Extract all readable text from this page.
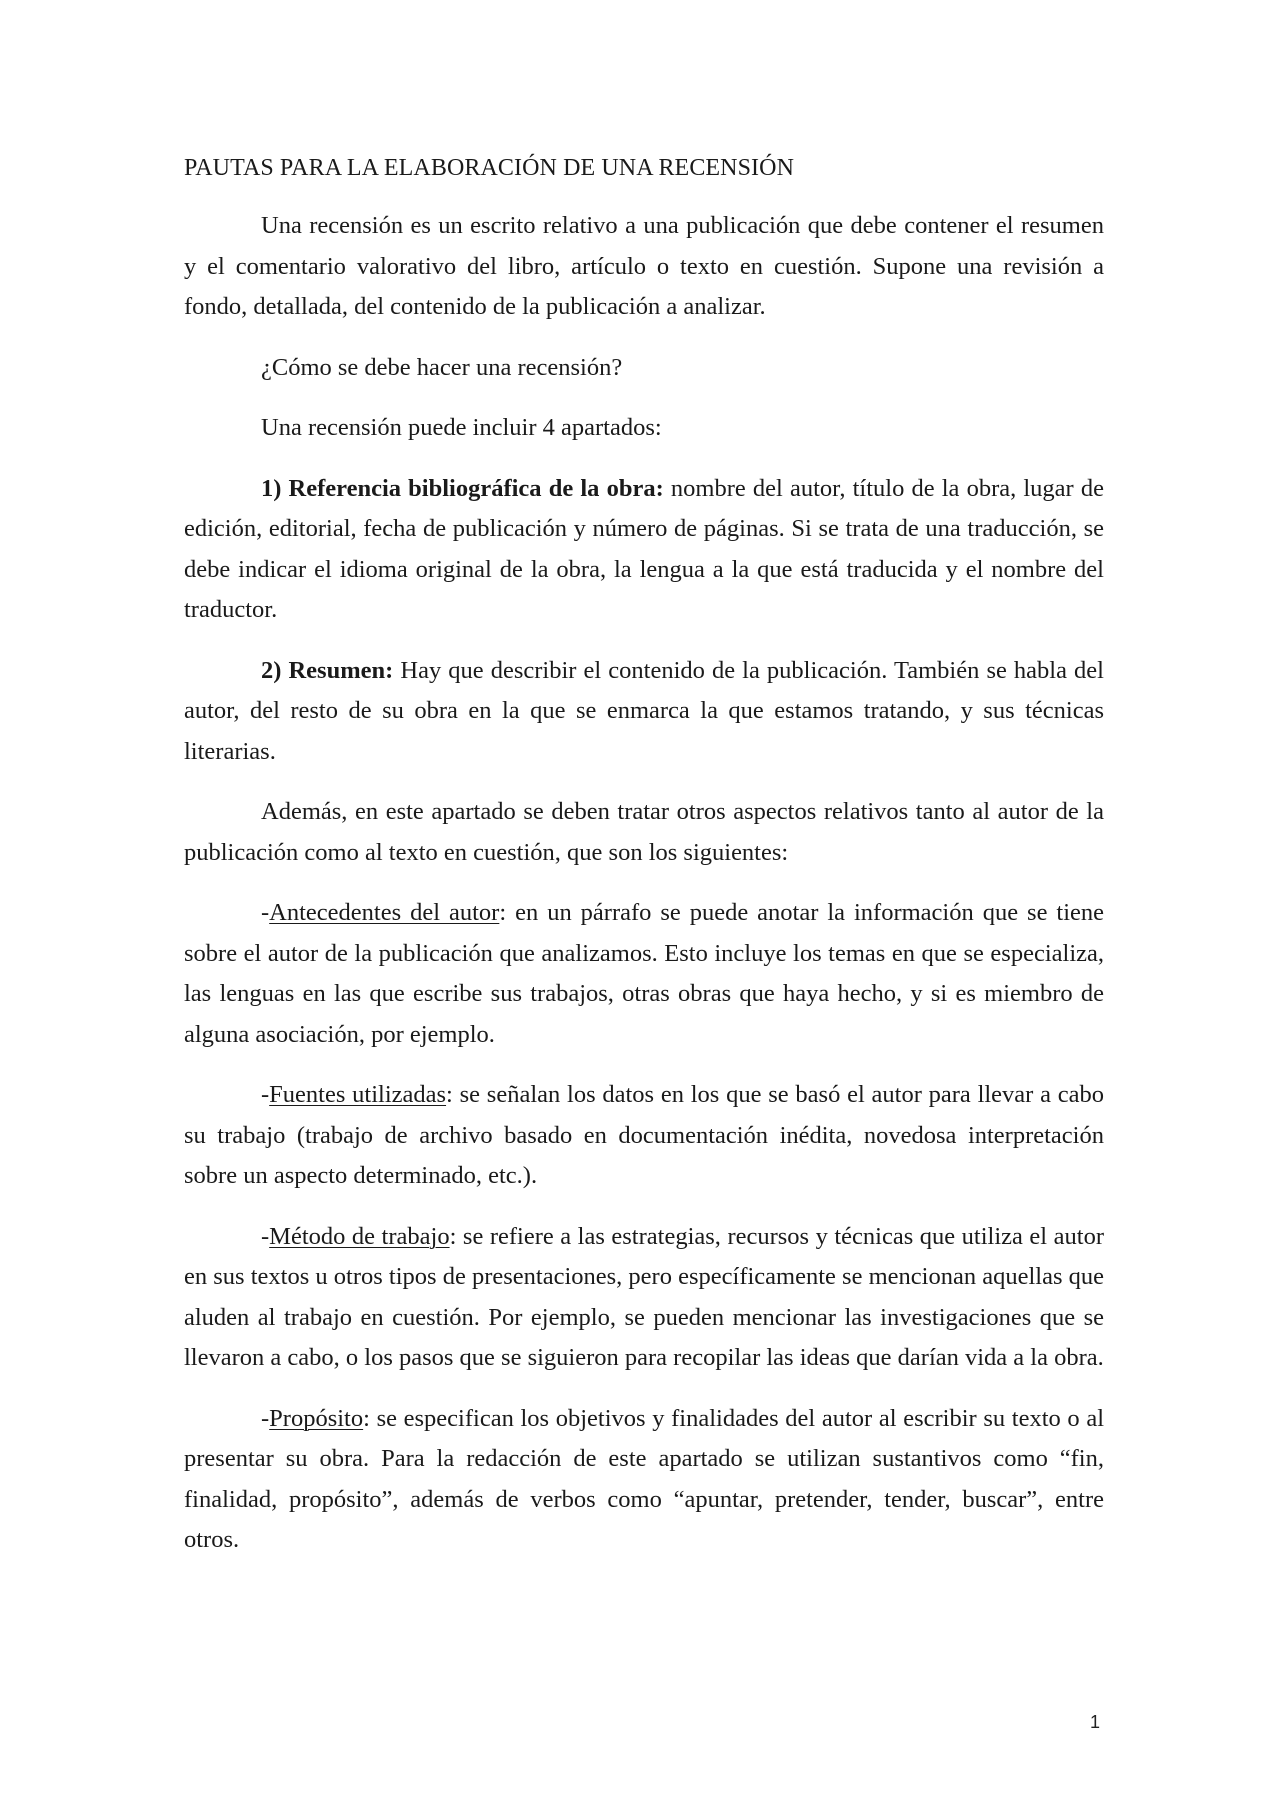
PAUTAS PARA LA ELABORACIÓN DE UNA RECENSIÓN

Una recensión es un escrito relativo a una publicación que debe contener el resumen y el comentario valorativo del libro, artículo o texto en cuestión. Supone una revisión a fondo, detallada, del contenido de la publicación a analizar.

¿Cómo se debe hacer una recensión?

Una recensión puede incluir 4 apartados:

1) Referencia bibliográfica de la obra: nombre del autor, título de la obra, lugar de edición, editorial, fecha de publicación y número de páginas. Si se trata de una traducción, se debe indicar el idioma original de la obra, la lengua a la que está traducida y el nombre del traductor.

2) Resumen: Hay que describir el contenido de la publicación. También se habla del autor, del resto de su obra en la que se enmarca la que estamos tratando, y sus técnicas literarias.

Además, en este apartado se deben tratar otros aspectos relativos tanto al autor de la publicación como al texto en cuestión, que son los siguientes:

-Antecedentes del autor: en un párrafo se puede anotar la información que se tiene sobre el autor de la publicación que analizamos. Esto incluye los temas en que se especializa, las lenguas en las que escribe sus trabajos, otras obras que haya hecho, y si es miembro de alguna asociación, por ejemplo.

-Fuentes utilizadas: se señalan los datos en los que se basó el autor para llevar a cabo su trabajo (trabajo de archivo basado en documentación inédita, novedosa interpretación sobre un aspecto determinado, etc.).

-Método de trabajo: se refiere a las estrategias, recursos y técnicas que utiliza el autor en sus textos u otros tipos de presentaciones, pero específicamente se mencionan aquellas que aluden al trabajo en cuestión. Por ejemplo, se pueden mencionar las investigaciones que se llevaron a cabo, o los pasos que se siguieron para recopilar las ideas que darían vida a la obra.

-Propósito: se especifican los objetivos y finalidades del autor al escribir su texto o al presentar su obra. Para la redacción de este apartado se utilizan sustantivos como “fin, finalidad, propósito”, además de verbos como “apuntar, pretender, tender, buscar”, entre otros.

1
